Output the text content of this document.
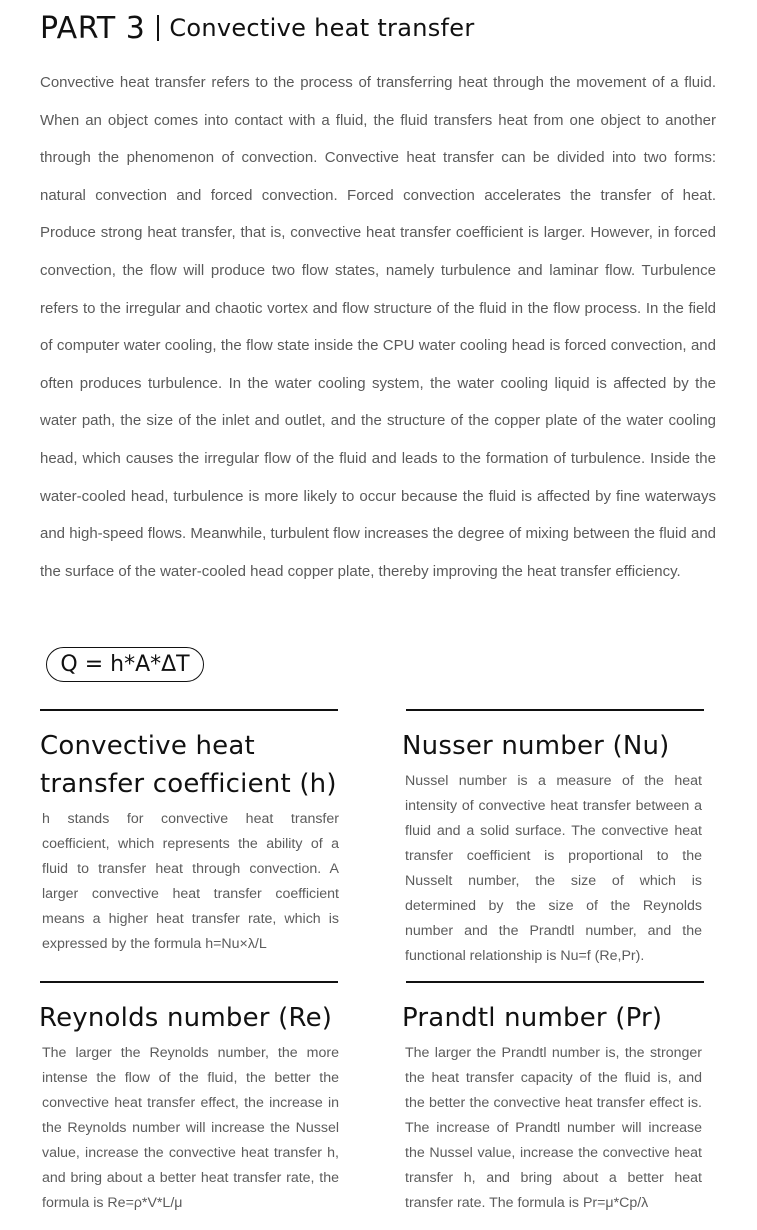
PART 3 Convective heat transfer

Convective heat transfer refers to the process of transferring heat through the movement of a fluid. When an object comes into contact with a fluid, the fluid transfers heat from one object to another through the phenomenon of convection. Convective heat transfer can be divided into two forms: natural convection and forced convection. Forced convection accelerates the transfer of heat. Produce strong heat transfer, that is, convective heat transfer coefficient is larger. However, in forced convection, the flow will produce two flow states, namely turbulence and laminar flow. Turbulence refers to the irregular and chaotic vortex and flow structure of the fluid in the flow process. In the field of computer water cooling, the flow state inside the CPU water cooling head is forced convection, and often produces turbulence. In the water cooling system, the water cooling liquid is affected by the water path, the size of the inlet and outlet, and the structure of the copper plate of the water cooling head, which causes the irregular flow of the fluid and leads to the formation of turbulence. Inside the water-cooled head, turbulence is more likely to occur because the fluid is affected by fine waterways and high-speed flows. Meanwhile, turbulent flow increases the degree of mixing between the fluid and the surface of the water-cooled head copper plate, thereby improving the heat transfer efficiency.

Q = h*A*ΔT
Convective heat transfer coefficient (h)

h stands for convective heat transfer coefficient, which represents the ability of a fluid to transfer heat through convection. A larger convective heat transfer coefficient means a higher heat transfer rate, which is expressed by the formula h=Nu×λ/L

Nusser number (Nu)

Nussel number is a measure of the heat intensity of convective heat transfer between a fluid and a solid surface. The convective heat transfer coefficient is proportional to the Nusselt number, the size of which is determined by the size of the Reynolds number and the Prandtl number, and the functional relationship is Nu=f (Re,Pr).

Reynolds number (Re)

The larger the Reynolds number, the more intense the flow of the fluid, the better the convective heat transfer effect, the increase in the Reynolds number will increase the Nussel value, increase the convective heat transfer h, and bring about a better heat transfer rate, the formula is Re=ρ*V*L/μ

Prandtl number (Pr)

The larger the Prandtl number is, the stronger the heat transfer capacity of the fluid is, and the better the convective heat transfer effect is. The increase of Prandtl number will increase the Nussel value, increase the convective heat transfer h, and bring about a better heat transfer rate. The formula is Pr=μ*Cp/λ
